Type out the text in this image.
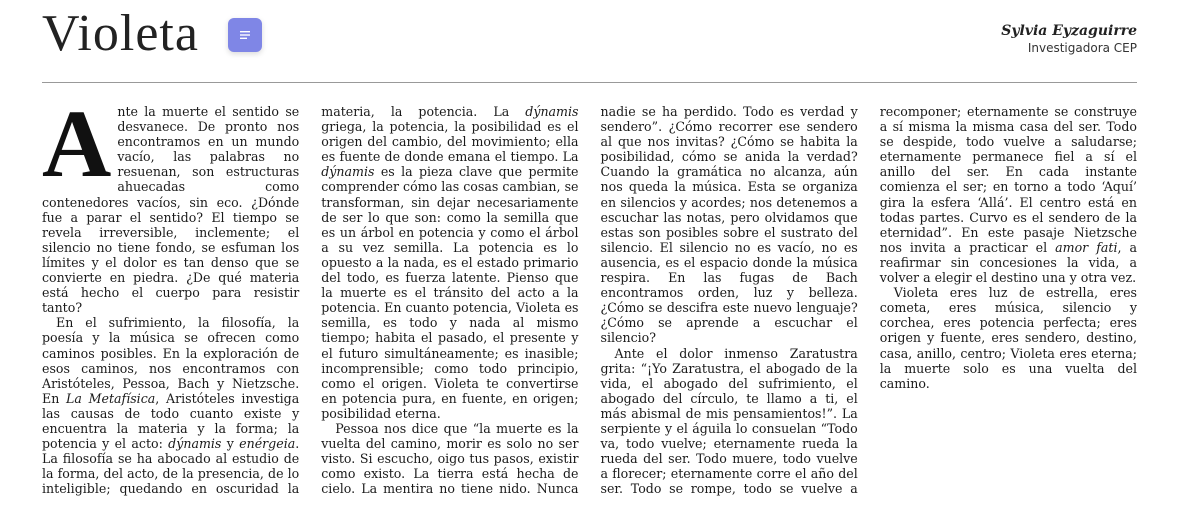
Violeta	Sylvia Eyzaguirre
Investigadora CEP

Ante la muerte el sentido se desvanece. De pronto nos encontramos en un mundo vacío, las palabras no resuenan, son estructuras ahuecadas como contenedores vacíos, sin eco. ¿Dónde fue a parar el sentido? El tiempo se revela irreversible, inclemente; el silencio no tiene fondo, se esfuman los límites y el dolor es tan denso que se convierte en piedra. ¿De qué materia está hecho el cuerpo para resistir tanto?

En el sufrimiento, la filosofía, la poesía y la música se ofrecen como caminos posibles. En la exploración de esos caminos, nos encontramos con Aristóteles, Pessoa, Bach y Nietzsche. En La Metafísica, Aristóteles investiga las causas de todo cuanto existe y encuentra la materia y la forma; la potencia y el acto: dýnamis y enérgeia. La filosofía se ha abocado al estudio de la forma, del acto, de la presencia, de lo inteligible; quedando en oscuridad la materia, la potencia. La dýnamis griega, la potencia, la posibilidad es el origen del cambio, del movimiento; ella es fuente de donde emana el tiempo. La dýnamis es la pieza clave que permite comprender cómo las cosas cambian, se transforman, sin dejar necesariamente de ser lo que son: como la semilla que es un árbol en potencia y como el árbol a su vez semilla. La potencia es lo opuesto a la nada, es el estado primario del todo, es fuerza latente. Pienso que la muerte es el tránsito del acto a la potencia. En cuanto potencia, Violeta es semilla, es todo y nada al mismo tiempo; habita el pasado, el presente y el futuro simultáneamente; es inasible; incomprensible; como todo principio, como el origen. Violeta te convertirse en potencia pura, en fuente, en origen; posibilidad eterna.

Pessoa nos dice que “la muerte es la vuelta del camino, morir es solo no ser visto. Si escucho, oigo tus pasos, existir como existo. La tierra está hecha de cielo. La mentira no tiene nido. Nunca nadie se ha perdido. Todo es verdad y sendero”. ¿Cómo recorrer ese sendero al que nos invitas? ¿Cómo se habita la posibilidad, cómo se anida la verdad? Cuando la gramática no alcanza, aún nos queda la música. Esta se organiza en silencios y acordes; nos detenemos a escuchar las notas, pero olvidamos que estas son posibles sobre el sustrato del silencio. El silencio no es vacío, no es ausencia, es el espacio donde la música respira. En las fugas de Bach encontramos orden, luz y belleza. ¿Cómo se descifra este nuevo lenguaje? ¿Cómo se aprende a escuchar el silencio?

Ante el dolor inmenso Zaratustra grita: “¡Yo Zaratustra, el abogado de la vida, el abogado del sufrimiento, el abogado del círculo, te llamo a ti, el más abismal de mis pensamientos!”. La serpiente y el águila lo consuelan “Todo va, todo vuelve; eternamente rueda la rueda del ser. Todo muere, todo vuelve a florecer; eternamente corre el año del ser. Todo se rompe, todo se vuelve a recomponer; eternamente se construye a sí misma la misma casa del ser. Todo se despide, todo vuelve a saludarse; eternamente permanece fiel a sí el anillo del ser. En cada instante comienza el ser; en torno a todo ‘Aquí’ gira la esfera ‘Allá’. El centro está en todas partes. Curvo es el sendero de la eternidad”. En este pasaje Nietzsche nos invita a practicar el amor fati, a reafirmar sin concesiones la vida, a volver a elegir el destino una y otra vez.

Violeta eres luz de estrella, eres cometa, eres música, silencio y corchea, eres potencia perfecta; eres origen y fuente, eres sendero, destino, casa, anillo, centro; Violeta eres eterna; la muerte solo es una vuelta del camino.
